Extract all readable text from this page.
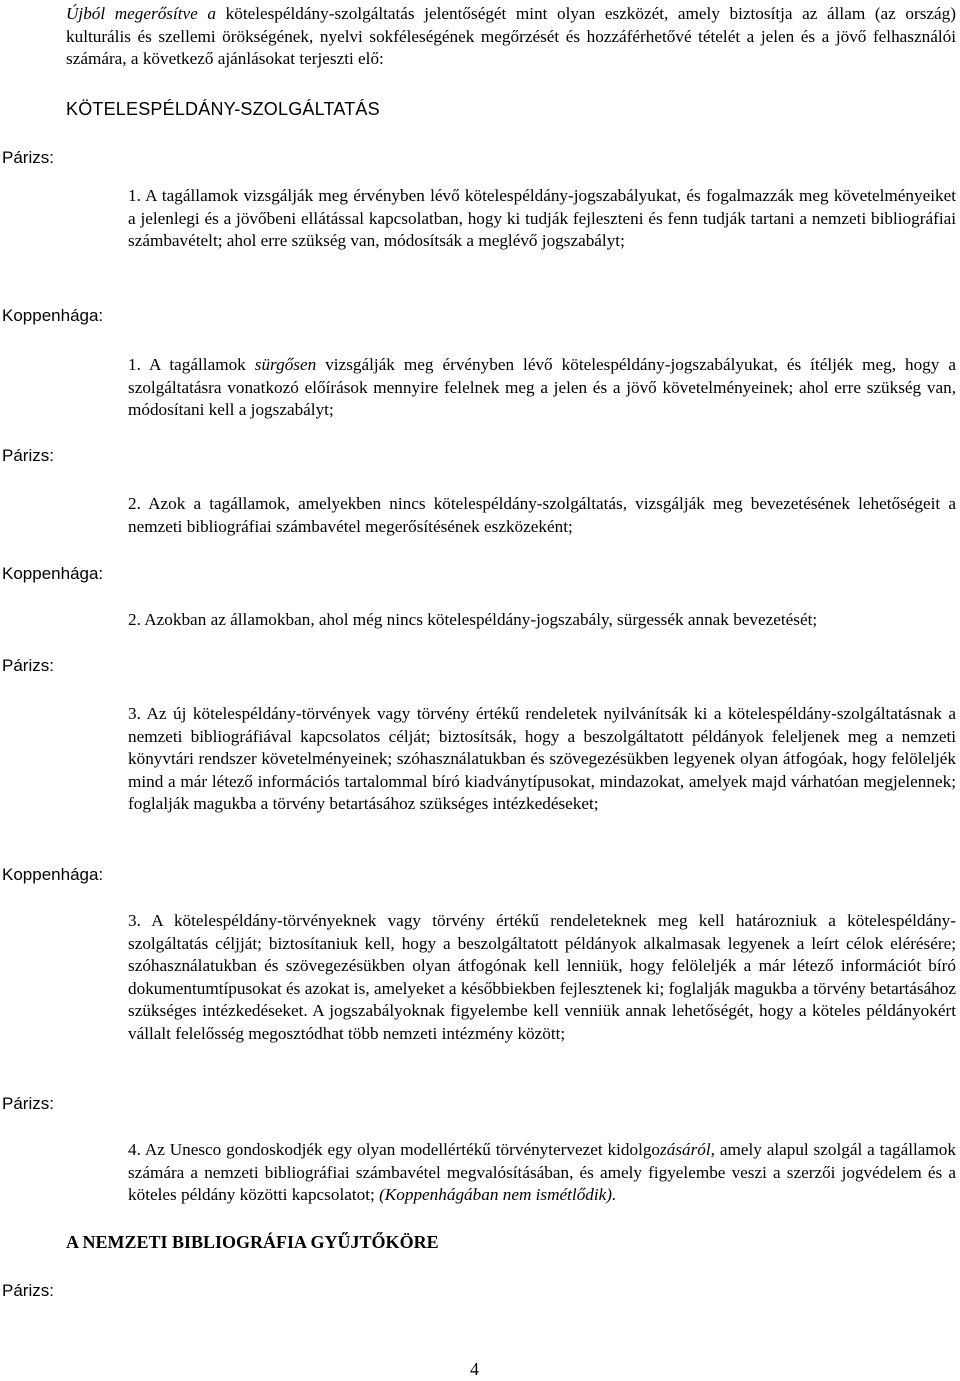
Újból megerősítve a kötelespéldány-szolgáltatás jelentőségét mint olyan eszközét, amely biztosítja az állam (az ország) kulturális és szellemi örökségének, nyelvi sokféleségének megőrzését és hozzáférhetővé tételét a jelen és a jövő felhasználói számára, a következő ajánlásokat terjeszti elő:
KÖTELESPÉLDÁNY-SZOLGÁLTATÁS
Párizs:
1. A tagállamok vizsgálják meg érvényben lévő kötelespéldány-jogszabályukat, és fogalmazzák meg követelményeiket a jelenlegi és a jövőbeni ellátással kapcsolatban, hogy ki tudják fejleszteni és fenn tudják tartani a nemzeti bibliográfiai számbavételt; ahol erre szükség van, módosítsák a meglévő jogszabályt;
Koppenhága:
1. A tagállamok sürgősen vizsgálják meg érvényben lévő kötelespéldány-jogszabályukat, és ítéljék meg, hogy a szolgáltatásra vonatkozó előírások mennyire felelnek meg a jelen és a jövő követelményeinek; ahol erre szükség van, módosítani kell a jogszabályt;
Párizs:
2. Azok a tagállamok, amelyekben nincs kötelespéldány-szolgáltatás, vizsgálják meg bevezetésének lehetőségeit a nemzeti bibliográfiai számbavétel megerősítésének eszközeként;
Koppenhága:
2. Azokban az államokban, ahol még nincs kötelespéldány-jogszabály, sürgessék annak bevezetését;
Párizs:
3. Az új kötelespéldány-törvények vagy törvény értékű rendeletek nyilvánítsák ki a kötelespéldány-szolgáltatásnak a nemzeti bibliográfiával kapcsolatos célját; biztosítsák, hogy a beszolgáltatott példányok feleljenek meg a nemzeti könyvtári rendszer követelményeinek; szóhasználatukban és szövegezésükben legyenek olyan átfogóak, hogy felöleljék mind a már létező információs tartalommal bíró kiadványtípusokat, mindazokat, amelyek majd várhatóan megjelennek; foglalják magukba a törvény betartásához szükséges intézkedéseket;
Koppenhága:
3. A kötelespéldány-törvényeknek vagy törvény értékű rendeleteknek meg kell határozniuk a kötelespéldány-szolgáltatás céljját; biztosítaniuk kell, hogy a beszolgáltatott példányok alkalmasak legyenek a leírt célok elérésére; szóhasználatukban és szövegezésükben olyan átfogónak kell lenniük, hogy felöleljék a már létező információt bíró dokumentumtípusokat és azokat is, amelyeket a későbbiekben fejlesztenek ki; foglalják magukba a törvény betartásához szükséges intézkedéseket. A jogszabályoknak figyelembe kell venniük annak lehetőségét, hogy a köteles példányokért vállalt felelősség megosztódhat több nemzeti intézmény között;
Párizs:
4. Az Unesco gondoskodjék egy olyan modellértékű törvénytervezet kidolgozásáról, amely alapul szolgál a tagállamok számára a nemzeti bibliográfiai számbavétel megvalósításában, és amely figyelembe veszi a szerzői jogvédelem és a köteles példány közötti kapcsolatot; (Koppenhágában nem ismétlődik).
A NEMZETI BIBLIOGRÁFIA GYŰJTŐKÖRE
Párizs:
4
